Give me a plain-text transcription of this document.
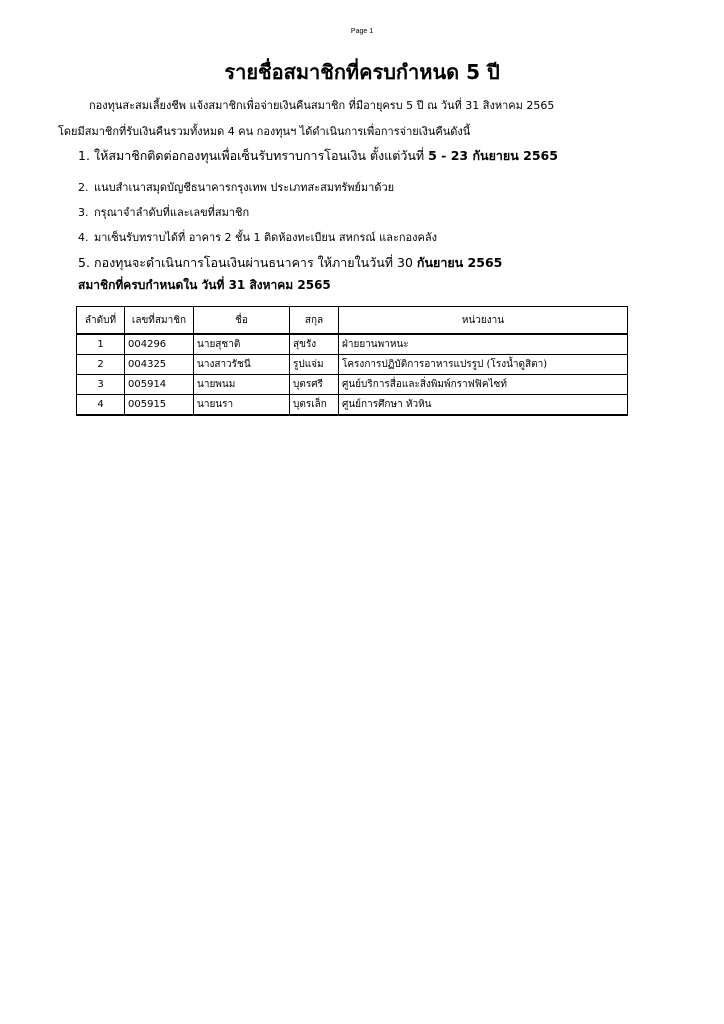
Page 1
รายชื่อสมาชิกที่ครบกำหนด 5 ปี
กองทุนสะสมเลี้ยงชีพ แจ้งสมาชิกเพื่อจ่ายเงินคืนสมาชิก ที่มีอายุครบ 5 ปี ณ วันที่ 31 สิงหาคม 2565
โดยมีสมาชิกที่รับเงินคืนรวมทั้งหมด 4 คน กองทุนฯ ได้ดำเนินการเพื่อการจ่ายเงินคืนดังนี้
1. ให้สมาชิกติดต่อกองทุนเพื่อเซ็นรับทราบการโอนเงิน ตั้งแต่วันที่ 5 - 23 กันยายน 2565
2. แนบสำเนาสมุดบัญชีธนาคารกรุงเทพ ประเภทสะสมทรัพย์มาด้วย
3. กรุณาจำลำดับที่และเลขที่สมาชิก
4. มาเซ็นรับทราบได้ที่ อาคาร 2 ชั้น 1 ติดห้องทะเบียน สหกรณ์ และกองคลัง
5. กองทุนจะดำเนินการโอนเงินผ่านธนาคาร ให้ภายในวันที่ 30 กันยายน 2565
สมาชิกที่ครบกำหนดใน วันที่ 31 สิงหาคม 2565
ลำดับที่	เลขที่สมาชิก	ชื่อ	สกุล	หน่วยงาน
1	004296	นายสุชาติ	สุขรัง	ฝ่ายยานพาหนะ
2	004325	นางสาวรัชนี	รูปแจ่ม	โครงการปฏิบัติการอาหารแปรรูป (โรงน้ำดูสิตา)
3	005914	นายพนม	บุตรศรี	ศูนย์บริการสื่อและสิ่งพิมพ์กราฟฟิคไซท์
4	005915	นายนรา	บุตรเล็ก	ศูนย์การศึกษา หัวหิน
